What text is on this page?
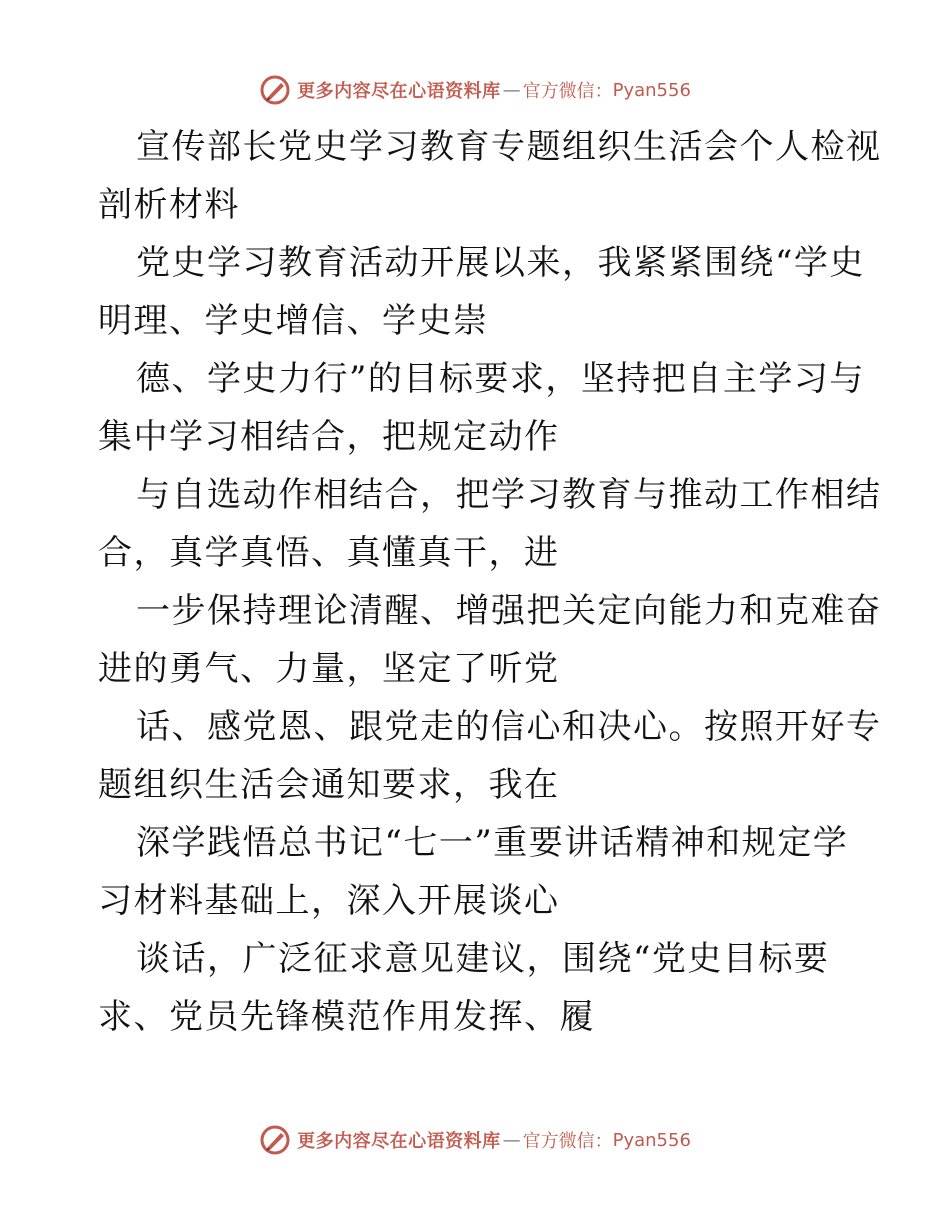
更多内容尽在心语资料库 — 官方微信： Pyan556
宣传部长党史学习教育专题组织生活会个人检视
剖析材料
党史学习教育活动开展以来，我紧紧围绕“学史
明理、学史增信、学史崇
德、学史力行”的目标要求，坚持把自主学习与
集中学习相结合，把规定动作
与自选动作相结合，把学习教育与推动工作相结
合，真学真悟、真懂真干，进
一步保持理论清醒、增强把关定向能力和克难奋
进的勇气、力量，坚定了听党
话、感党恩、跟党走的信心和决心。按照开好专
题组织生活会通知要求，我在
深学践悟总书记“七一”重要讲话精神和规定学
习材料基础上，深入开展谈心
谈话，广泛征求意见建议，围绕“党史目标要
求、党员先锋模范作用发挥、履
更多内容尽在心语资料库 — 官方微信： Pyan556
